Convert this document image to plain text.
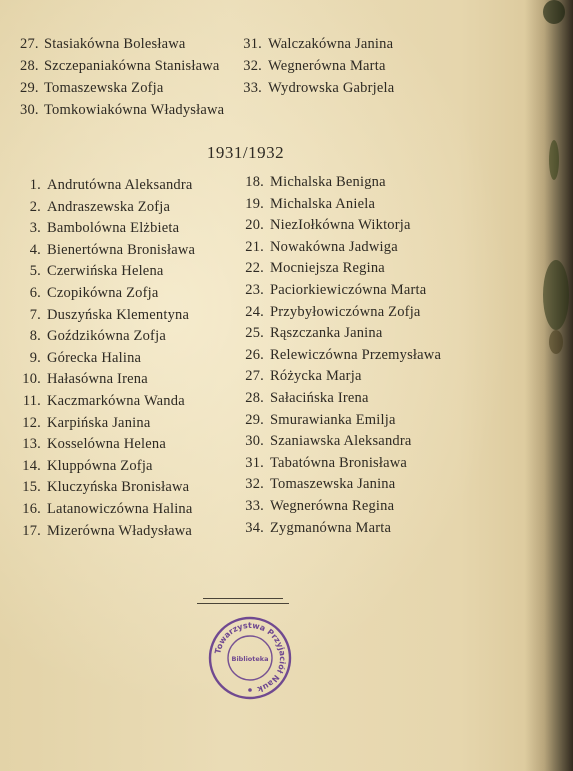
27. Stasiakówna Bolesława
28. Szczepaniakówna Stanisława
29. Tomaszewska Zofja
30. Tomkowiakówna Władysława
31. Walczakówna Janina
32. Wegnerówna Marta
33. Wydrowska Gabrjela
1931/1932
1. Andrutówna Aleksandra
2. Andraszewska Zofja
3. Bambolówna Elżbieta
4. Bienertówna Bronisława
5. Czerwińska Helena
6. Czopikówna Zofja
7. Duszyńska Klementyna
8. Goździkówna Zofja
9. Górecka Halina
10. Hałasówna Irena
11. Kaczmarkówna Wanda
12. Karpińska Janina
13. Kosselówna Helena
14. Kluppówna Zofja
15. Kluczyńska Bronisława
16. Latanowiczówna Halina
17. Mizerówna Władysława
18. Michalska Benigna
19. Michalska Aniela
20. NiezIołkówna Wiktorja
21. Nowakówna Jadwiga
22. Mocniejsza Regina
23. Paciorkiewiczówna Marta
24. Przybyłowiczówna Zofja
25. Rąszczanka Janina
26. Relewiczówna Przemysława
27. Różycka Marja
28. Sałacińska Irena
29. Smurawianka Emilja
30. Szaniawska Aleksandra
31. Tabatówna Bronisława
32. Tomaszewska Janina
33. Wegnerówna Regina
34. Zygmanówna Marta
Towarzystwa Przyjaciół Nauk
Biblioteka
